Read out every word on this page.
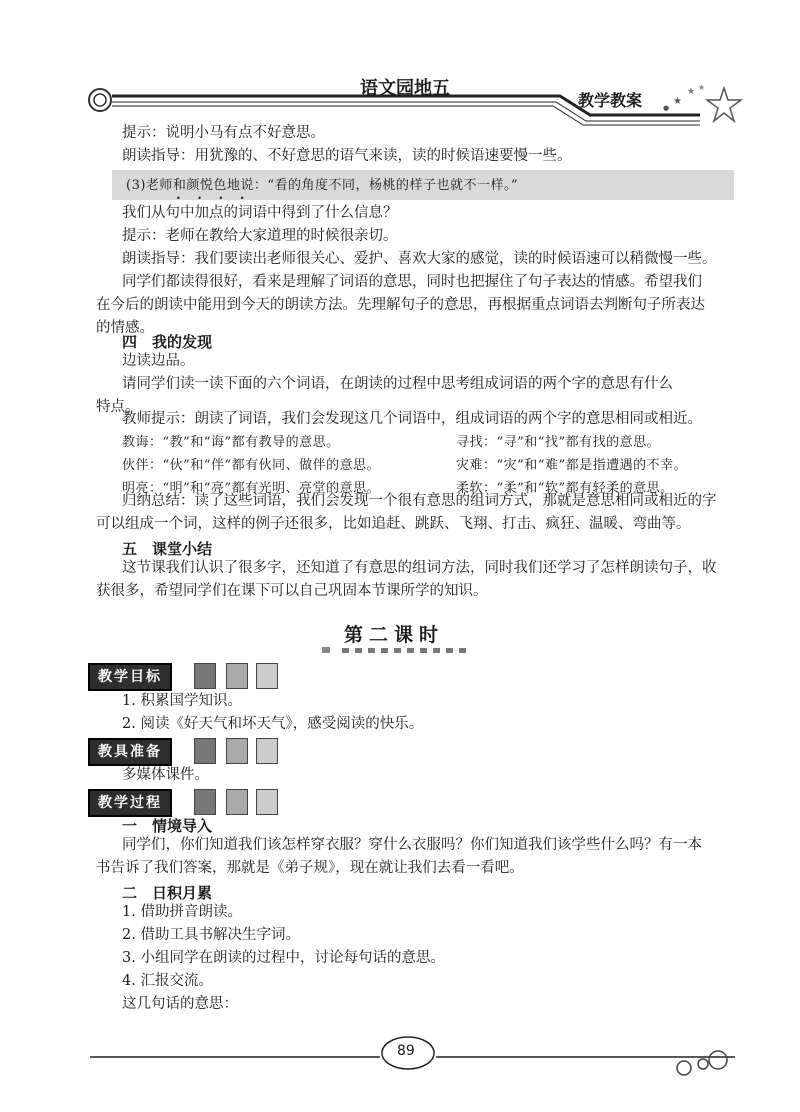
★
★ ★
●
语文园地五
教学教案
提示：说明小马有点不好意思。
朗读指导：用犹豫的、不好意思的语气来读，读的时候语速要慢一些。
(3)老师和颜悦色地说：“看的角度不同，杨桃的样子也就不一样。”
• • • •
我们从句中加点的词语中得到了什么信息？
提示：老师在教给大家道理的时候很亲切。
朗读指导：我们要读出老师很关心、爱护、喜欢大家的感觉，读的时候语速可以稍微慢一些。
同学们都读得很好，看来是理解了词语的意思，同时也把握住了句子表达的情感。希望我们
在今后的朗读中能用到今天的朗读方法。先理解句子的意思，再根据重点词语去判断句子所表达
的情感。
四　我的发现
边读边品。
请同学们读一读下面的六个词语，在朗读的过程中思考组成词语的两个字的意思有什么
特点。
教师提示：朗读了词语，我们会发现这几个词语中，组成词语的两个字的意思相同或相近。
教诲：“教”和“诲”都有教导的意思。
伙伴：“伙”和“伴”都有伙同、做伴的意思。
明亮：“明”和“亮”都有光明、亮堂的意思。
寻找：“寻”和“找”都有找的意思。
灾难：“灾”和“难”都是指遭遇的不幸。
柔软：“柔”和“软”都有轻柔的意思。
归纳总结：读了这些词语，我们会发现一个很有意思的组词方式，那就是意思相同或相近的字
可以组成一个词，这样的例子还很多，比如追赶、跳跃、飞翔、打击、疯狂、温暖、弯曲等。
五　课堂小结
这节课我们认识了很多字，还知道了有意思的组词方法，同时我们还学习了怎样朗读句子，收
获很多，希望同学们在课下可以自己巩固本节课所学的知识。
第二课时
教学目标
1. 积累国学知识。
2. 阅读《好天气和坏天气》，感受阅读的快乐。
教具准备
多媒体课件。
教学过程
一　情境导入
同学们，你们知道我们该怎样穿衣服？穿什么衣服吗？你们知道我们该学些什么吗？有一本
书告诉了我们答案，那就是《弟子规》，现在就让我们去看一看吧。
二　日积月累
1. 借助拼音朗读。
2. 借助工具书解决生字词。
3. 小组同学在朗读的过程中，讨论每句话的意思。
4. 汇报交流。
这几句话的意思：
89
